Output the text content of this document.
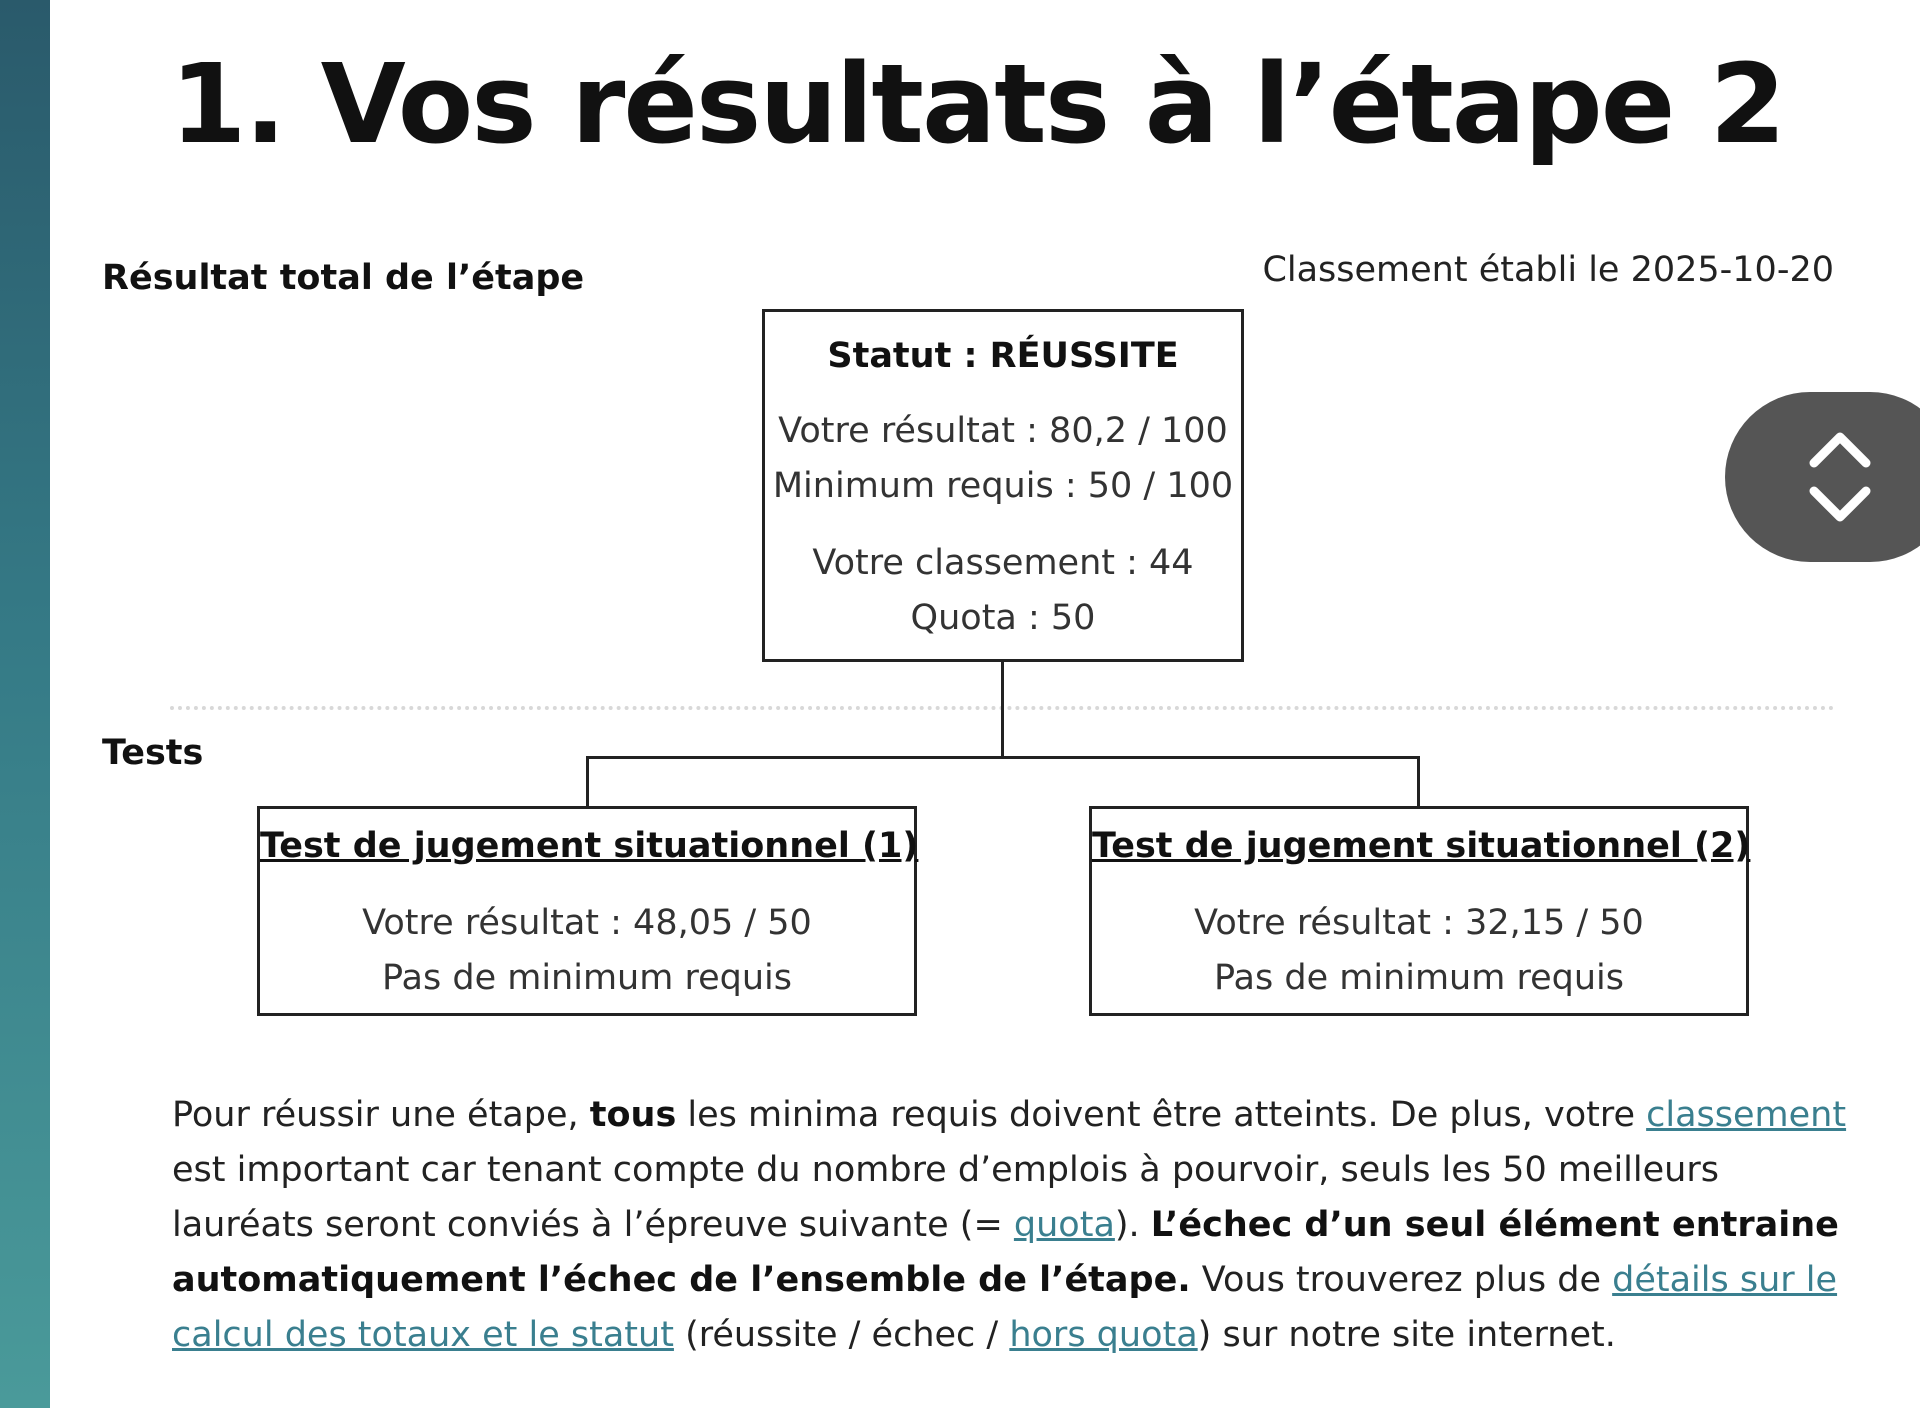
1. Vos résultats à l’étape 2
Résultat total de l’étape	Classement établi le 2025-10-20
Statut : RÉUSSITE
Votre résultat : 80,2 / 100
Minimum requis : 50 / 100
Votre classement : 44
Quota : 50
Tests
Test de jugement situationnel (1)
Votre résultat : 48,05 / 50
Pas de minimum requis
Test de jugement situationnel (2)
Votre résultat : 32,15 / 50
Pas de minimum requis
Pour réussir une étape, tous les minima requis doivent être atteints. De plus, votre classement est important car tenant compte du nombre d’emplois à pourvoir, seuls les 50 meilleurs lauréats seront conviés à l’épreuve suivante (= quota). L’échec d’un seul élément entraine automatiquement l’échec de l’ensemble de l’étape. Vous trouverez plus de détails sur le calcul des totaux et le statut (réussite / échec / hors quota) sur notre site internet.
